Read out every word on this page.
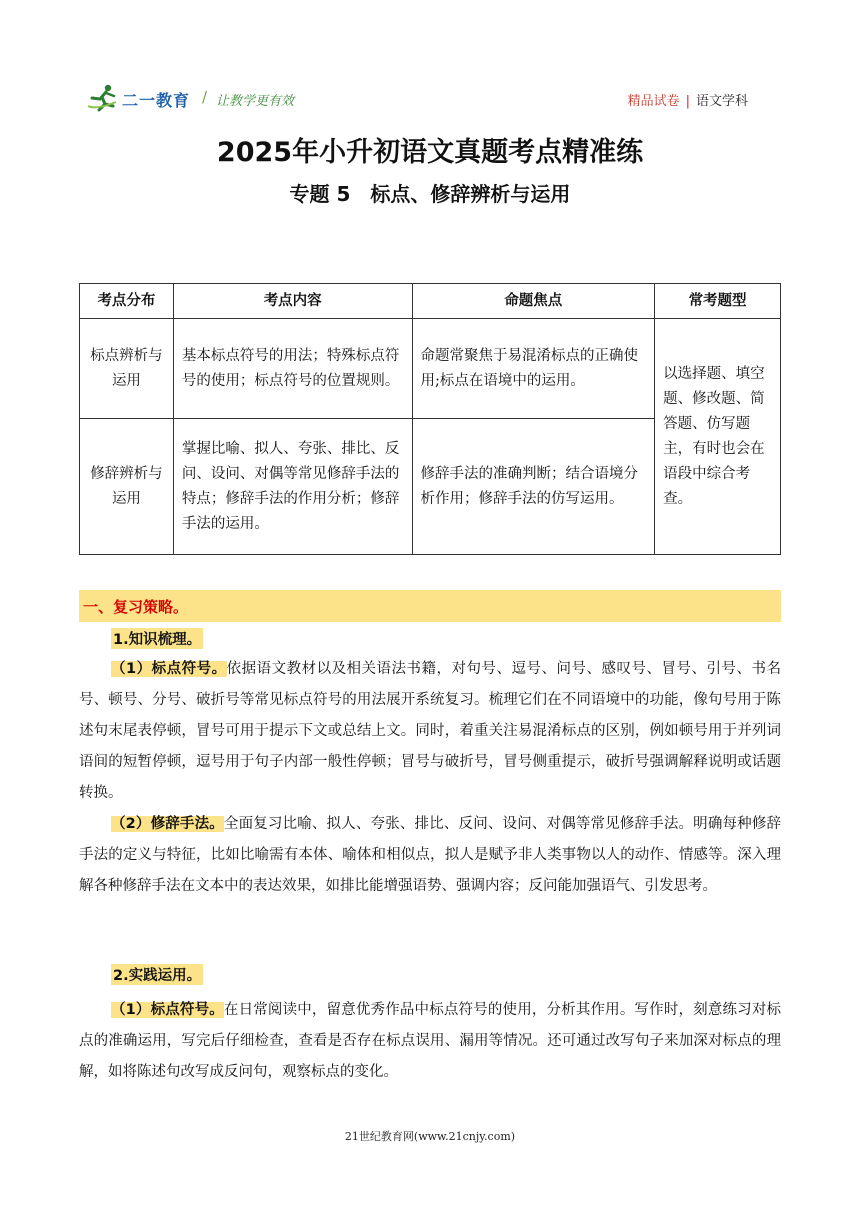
二一教育 / 让教学更有效	精品试卷 | 语文学科
2025年小升初语文真题考点精准练
专题 5　标点、修辞辨析与运用
考点分布	考点内容	命题焦点	常考题型
标点辨析与运用	基本标点符号的用法；特殊标点符号的使用；标点符号的位置规则。	命题常聚焦于易混淆标点的正确使用;标点在语境中的运用。	以选择题、填空题、修改题、简答题、仿写题主，有时也会在语段中综合考查。
修辞辨析与运用	掌握比喻、拟人、夸张、排比、反问、设问、对偶等常见修辞手法的特点；修辞手法的作用分析；修辞手法的运用。	修辞手法的准确判断；结合语境分析作用；修辞手法的仿写运用。	
一、复习策略。
1.知识梳理。

（1）标点符号。依据语文教材以及相关语法书籍，对句号、逗号、问号、感叹号、冒号、引号、书名号、顿号、分号、破折号等常见标点符号的用法展开系统复习。梳理它们在不同语境中的功能，像句号用于陈述句末尾表停顿，冒号可用于提示下文或总结上文。同时，着重关注易混淆标点的区别，例如顿号用于并列词语间的短暂停顿，逗号用于句子内部一般性停顿；冒号与破折号，冒号侧重提示，破折号强调解释说明或话题转换。

（2）修辞手法。全面复习比喻、拟人、夸张、排比、反问、设问、对偶等常见修辞手法。明确每种修辞手法的定义与特征，比如比喻需有本体、喻体和相似点，拟人是赋予非人类事物以人的动作、情感等。深入理解各种修辞手法在文本中的表达效果，如排比能增强语势、强调内容；反问能加强语气、引发思考。

2.实践运用。

（1）标点符号。在日常阅读中，留意优秀作品中标点符号的使用，分析其作用。写作时，刻意练习对标点的准确运用，写完后仔细检查，查看是否存在标点误用、漏用等情况。还可通过改写句子来加深对标点的理解，如将陈述句改写成反问句，观察标点的变化。

21世纪教育网(www.21cnjy.com)
